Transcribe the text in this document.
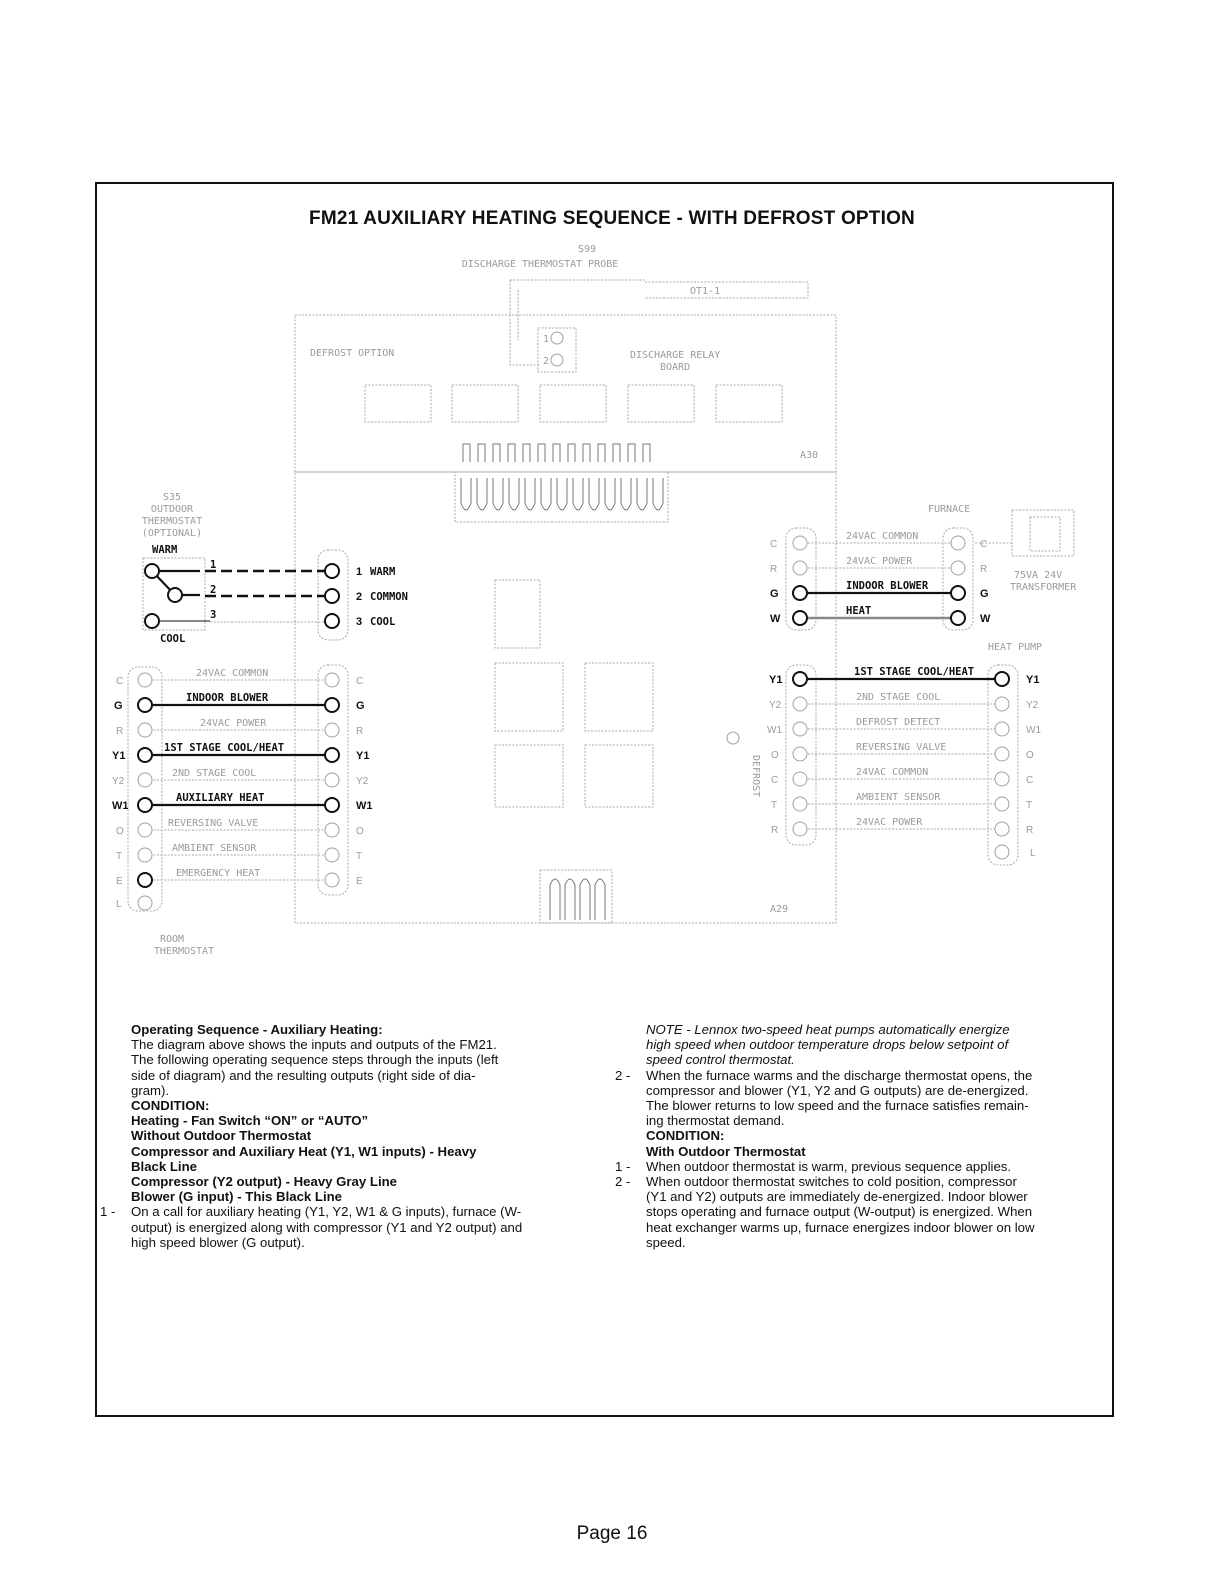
FM21 AUXILIARY HEATING SEQUENCE - WITH DEFROST OPTION
S99
DISCHARGE THERMOSTAT PROBE
OT1-1
DEFROST OPTION	DISCHARGE RELAY
BOARD
1
2
A30
A29
DEFROST
S35
OUTDOOR
THERMOSTAT
(OPTIONAL)
WARM
COOL
1
2
3
1 WARM
2 COMMON
3 COOL
C
24VAC COMMON
C
G
INDOOR BLOWER
G
R
24VAC POWER
R
Y1
1ST STAGE COOL/HEAT
Y1
Y2
2ND STAGE COOL
Y2
W1
AUXILIARY HEAT
W1
O
REVERSING VALVE
O
T
AMBIENT SENSOR
T
E
EMERGENCY HEAT
E
L
ROOM
THERMOSTAT
FURNACE
75VA 24V
TRANSFORMER
C
24VAC COMMON
C
R
24VAC POWER
R
G
INDOOR BLOWER
G
W
HEAT
W
HEAT PUMP
Y1
1ST STAGE COOL/HEAT
Y1
Y2
2ND STAGE COOL
Y2
W1
DEFROST DETECT
W1
O
REVERSING VALVE
O
C
24VAC COMMON
C
T
AMBIENT SENSOR
T
R
24VAC POWER
R
L

Operating Sequence - Auxiliary Heating:

The diagram above shows the inputs and outputs of the FM21.

The following operating sequence steps through the inputs (left

side of diagram) and the resulting outputs (right side of dia-

gram).

CONDITION:

Heating - Fan Switch “ON” or “AUTO”

Without Outdoor Thermostat

Compressor and Auxiliary Heat (Y1, W1 inputs) - Heavy

Black Line

Compressor (Y2 output) - Heavy Gray Line

Blower (G input) - This Black Line

1 -	On a call for auxiliary heating (Y1, Y2, W1 & G inputs), furnace (W-

output) is energized along with compressor (Y1 and Y2 output) and

high speed blower (G output).

NOTE - Lennox two-speed heat pumps automatically energize

high speed when outdoor temperature drops below setpoint of

speed control thermostat.

2 -	When the furnace warms and the discharge thermostat opens, the

compressor and blower (Y1, Y2 and G outputs) are de-energized.

The blower returns to low speed and the furnace satisfies remain-

ing thermostat demand.

CONDITION:

With Outdoor Thermostat

1 -	When outdoor thermostat is warm, previous sequence applies.

2 -	When outdoor thermostat switches to cold position, compressor

(Y1 and Y2) outputs are immediately de-energized. Indoor blower

stops operating and furnace output (W-output) is energized. When

heat exchanger warms up, furnace energizes indoor blower on low

speed.

Page 16
